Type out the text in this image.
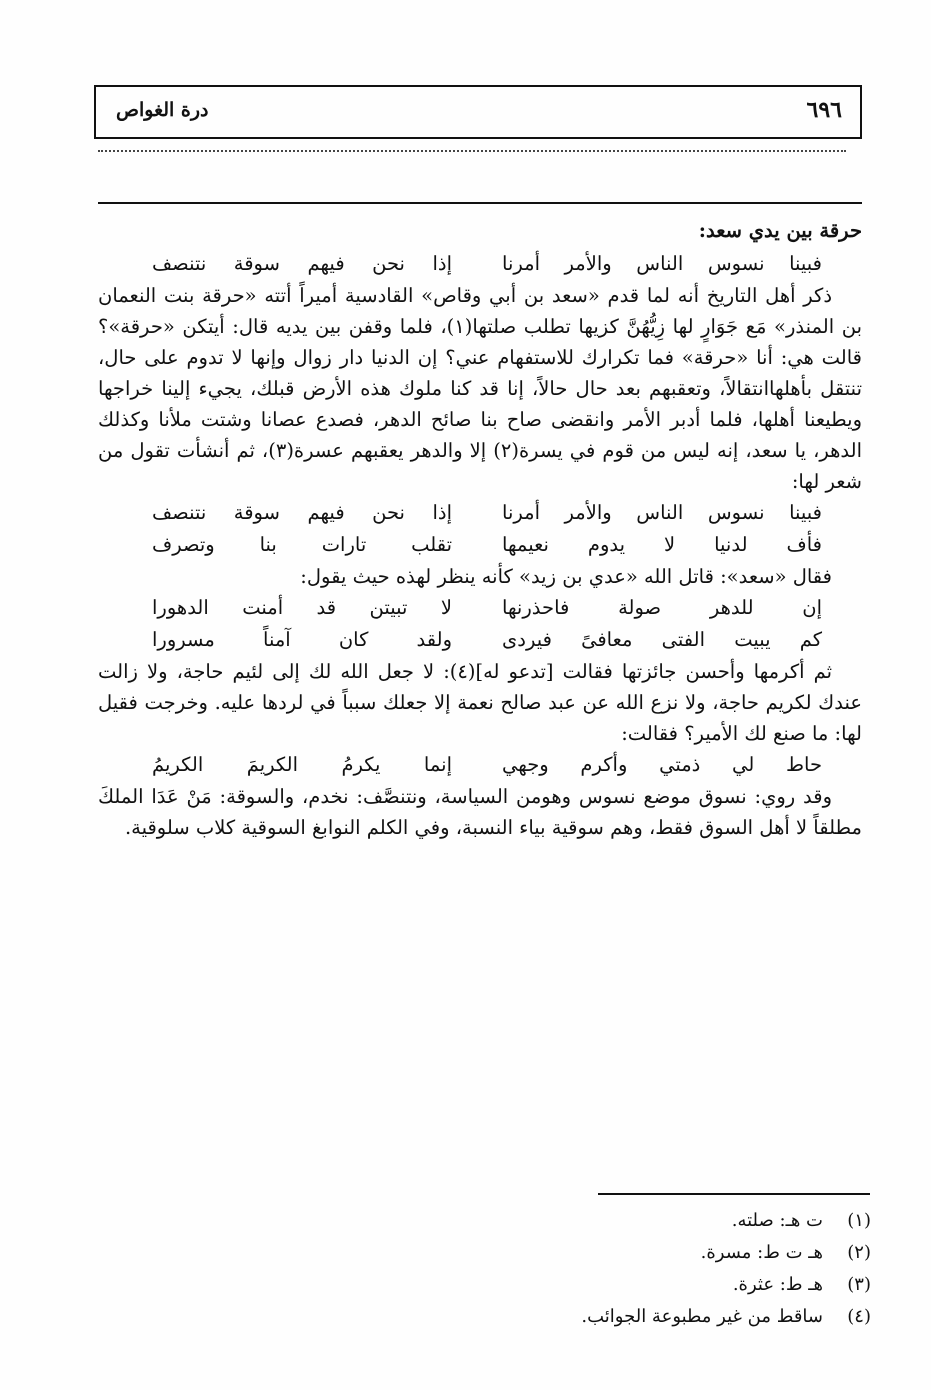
٦٩٦
درة الغواص

حرقة بين يدي سعد:

فبينا نسوس الناس والأمر أمرنا
إذا نحن فيهم سوقة نتنصف

ذكر أهل التاريخ أنه لما قدم «سعد بن أبي وقاص» القادسية أميراً أتته «حرقة بنت النعمان بن المنذر» مَع جَوَارٍ لها زِيُّهُنَّ كزيها تطلب صلتها(١)، فلما وقفن بين يديه قال: أيتكن «حرقة»؟ قالت هي: أنا «حرقة» فما تكرارك للاستفهام عني؟ إن الدنيا دار زوال وإنها لا تدوم على حال، تنتقل بأهلهاانتقالاً، وتعقبهم بعد حال حالاً، إنا قد كنا ملوك هذه الأرض قبلك، يجيء إلينا خراجها ويطيعنا أهلها، فلما أدبر الأمر وانقضى صاح بنا صائح الدهر، فصدع عصانا وشتت ملأنا وكذلك الدهر، يا سعد، إنه ليس من قوم في يسرة(٢) إلا والدهر يعقبهم عسرة(٣)، ثم أنشأت تقول من شعر لها:

فبينا نسوس الناس والأمر أمرنا
إذا نحن فيهم سوقة نتنصف
فأف لدنيا لا يدوم نعيمها
تقلب تارات بنا وتصرف

فقال «سعد»: قاتل الله «عدي بن زيد» كأنه ينظر لهذه حيث يقول:

إن للدهر صولة فاحذرنها
لا تبيتن قد أمنت الدهورا
كم يبيت الفتى معافىً فيردى
ولقد كان آمناً مسرورا

ثم أكرمها وأحسن جائزتها فقالت [تدعو له](٤): لا جعل الله لك إلى لئيم حاجة، ولا زالت عندك لكريم حاجة، ولا نزع الله عن عبد صالح نعمة إلا جعلك سبباً في لردها عليه. وخرجت فقيل لها: ما صنع لك الأمير؟ فقالت:

حاط لي ذمتي وأكرم وجهي
إنما يكرمُ الكريمَ الكريمُ

وقد روي: نسوق موضع نسوس وهومن السياسة، ونتنصَّف: نخدم، والسوقة: مَنْ عَدَا الملكَ مطلقاً لا أهل السوق فقط، وهم سوقية بياء النسبة، وفي الكلم النوابغ السوقية كلاب سلوقية.

(١)
ت هـ: صلته.
(٢)
هـ ت ط: مسرة.
(٣)
هـ ط: عثرة.
(٤)
ساقط من غير مطبوعة الجوائب.
